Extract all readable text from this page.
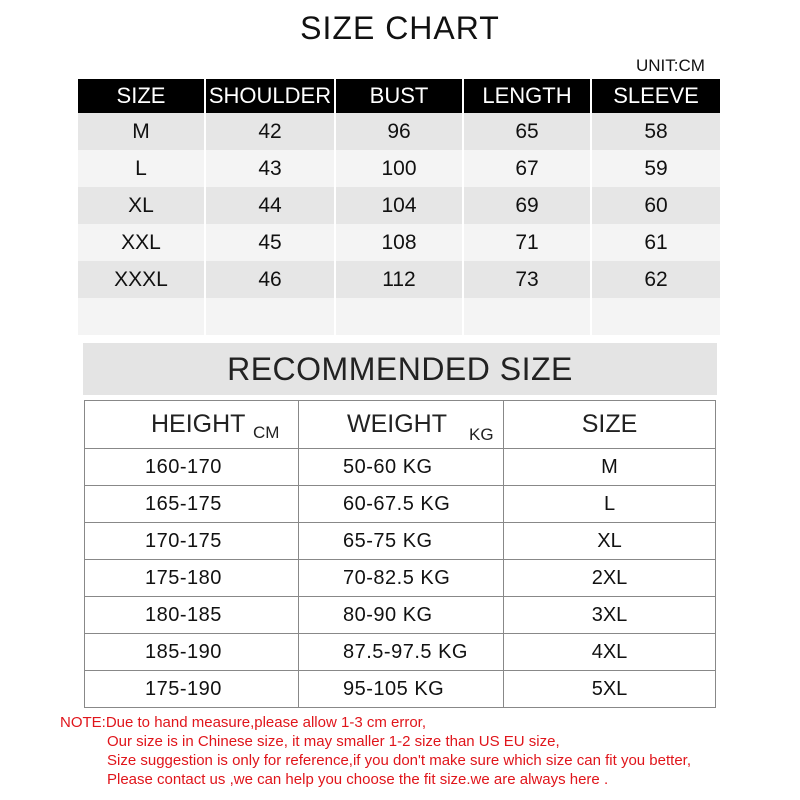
SIZE CHART
UNIT:CM
SIZE	SHOULDER	BUST	LENGTH	SLEEVE
M	42	96	65	58
L	43	100	67	59
XL	44	104	69	60
XXL	45	108	71	61
XXXL	46	112	73	62
RECOMMENDED SIZE
HEIGHT CM	WEIGHT KG	SIZE
160-170	50-60 KG	M
165-175	60-67.5 KG	L
170-175	65-75 KG	XL
175-180	70-82.5 KG	2XL
180-185	80-90 KG	3XL
185-190	87.5-97.5 KG	4XL
175-190	95-105 KG	5XL
NOTE:Due to hand measure,please allow 1-3 cm error,
Our size is in Chinese size, it may smaller 1-2 size than US EU size,
Size suggestion is only for reference,if you don't make sure which size can fit you better,
Please contact us ,we can help you choose the fit size.we are always here .
